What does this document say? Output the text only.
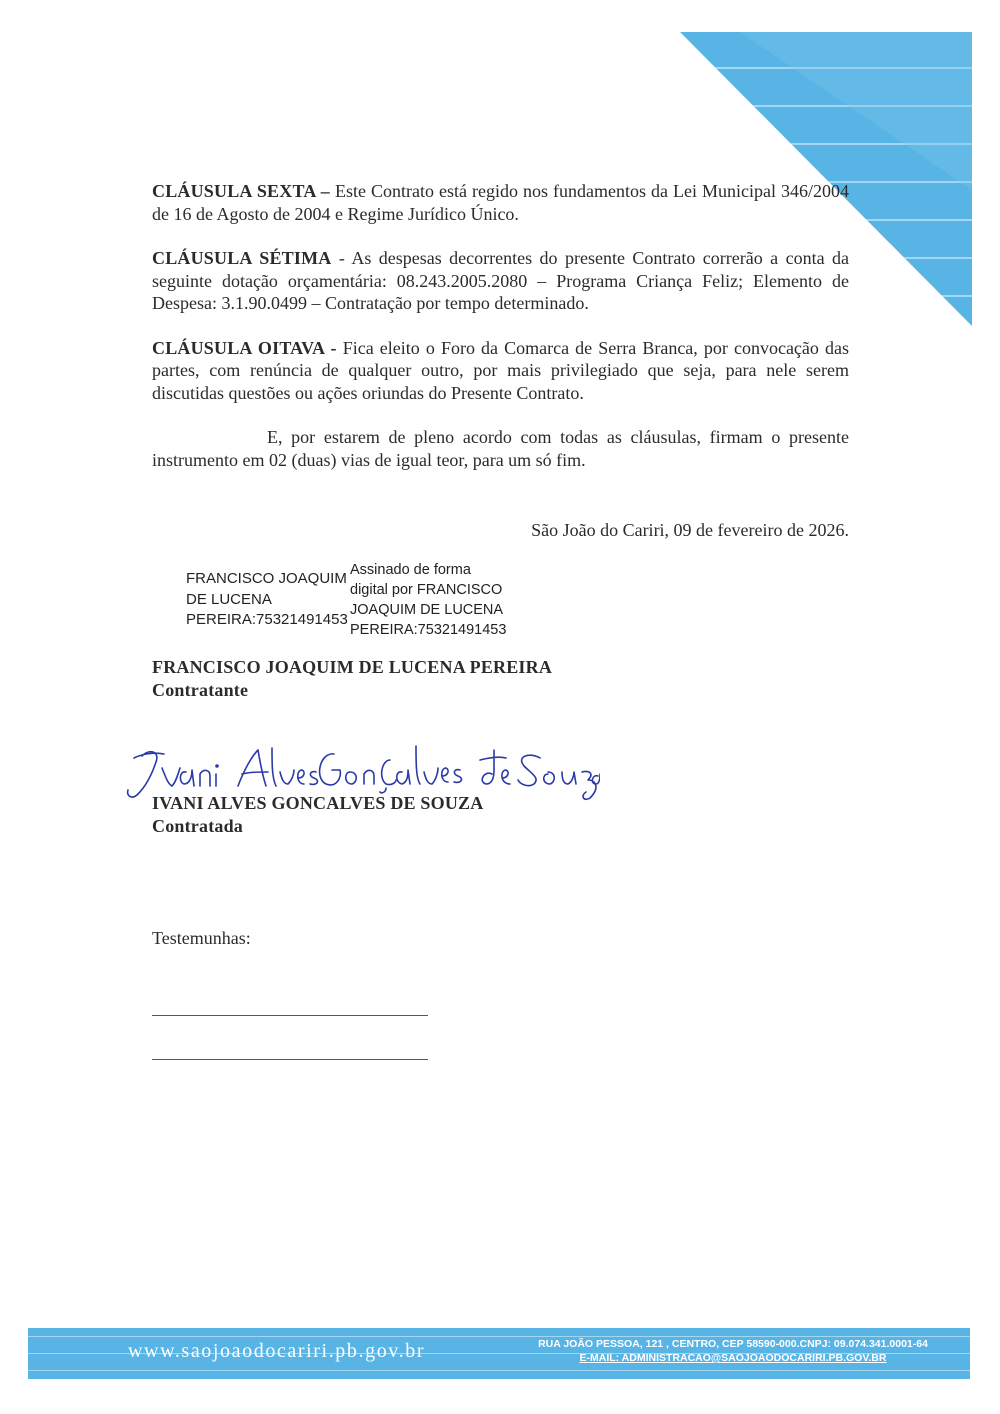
CLÁUSULA SEXTA – Este Contrato está regido nos fundamentos da Lei Municipal 346/2004 de 16 de Agosto de 2004 e Regime Jurídico Único.

CLÁUSULA SÉTIMA - As despesas decorrentes do presente Contrato correrão a conta da seguinte dotação orçamentária: 08.243.2005.2080 – Programa Criança Feliz; Elemento de Despesa: 3.1.90.0499 – Contratação por tempo determinado.

CLÁUSULA OITAVA - Fica eleito o Foro da Comarca de Serra Branca, por convocação das partes, com renúncia de qualquer outro, por mais privilegiado que seja, para nele serem discutidas questões ou ações oriundas do Presente Contrato.

E, por estarem de pleno acordo com todas as cláusulas, firmam o presente instrumento em 02 (duas) vias de igual teor, para um só fim.

São João do Cariri, 09 de fevereiro de 2026.
FRANCISCO JOAQUIM
DE LUCENA
PEREIRA:75321491453
Assinado de forma
digital por FRANCISCO
JOAQUIM DE LUCENA
PEREIRA:75321491453
FRANCISCO JOAQUIM DE LUCENA PEREIRA
Contratante
IVANI ALVES GONCALVES DE SOUZA
Contratada
Testemunhas:
www.saojoaodocariri.pb.gov.br	RUA JOÃO PESSOA, 121 , CENTRO, CEP 58590-000.CNPJ: 09.074.341.0001-64
E-MAIL: ADMINISTRACAO@SAOJOAODOCARIRI.PB.GOV.BR
